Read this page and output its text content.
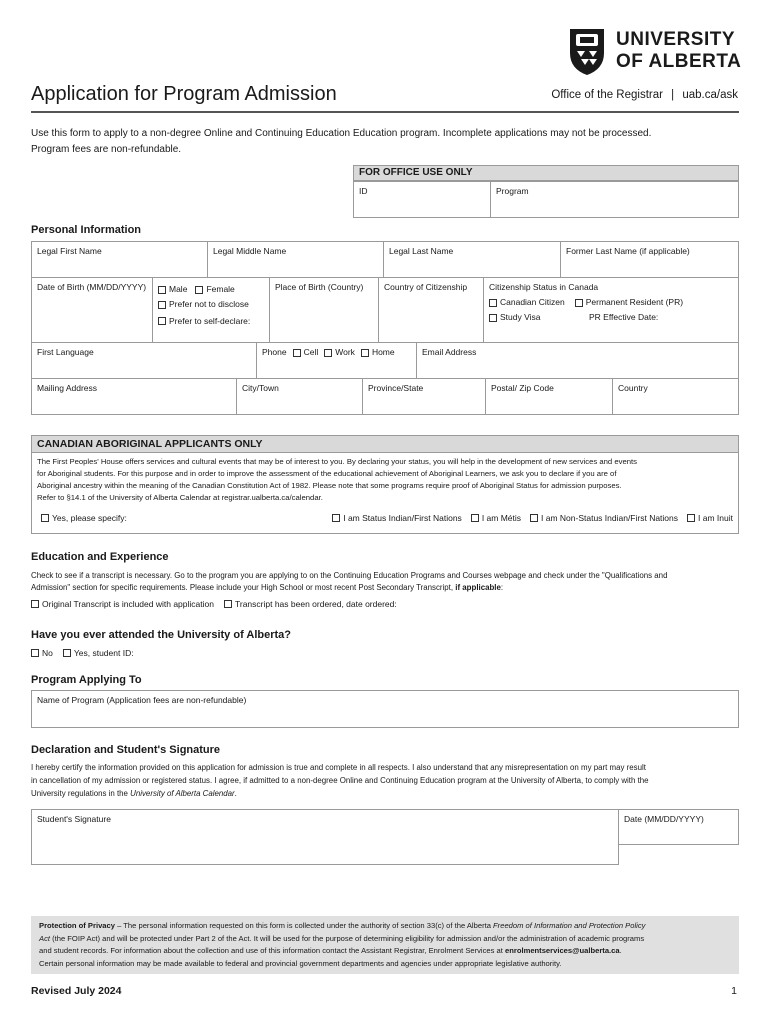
UNIVERSITY
OF ALBERTA
Application for Program Admission	Office of the Registrar | uab.ca/ask
Use this form to apply to a non-degree Online and Continuing Education Education program. Incomplete applications may not be processed.
Program fees are non-refundable.
FOR OFFICE USE ONLY
ID	Program
Personal Information
Legal First Name	Legal Middle Name	Legal Last Name	Former Last Name (if applicable)
Date of Birth (MM/DD/YYYY)	Male Female
Prefer not to disclose
Prefer to self-declare:
Place of Birth (Country)	Country of Citizenship	Citizenship Status in Canada
Canadian Citizen Permanent Resident (PR)
Study Visa	PR Effective Date:
First Language	Phone Cell Work Home	Email Address
Mailing Address	City/Town	Province/State	Postal/ Zip Code	Country
CANADIAN ABORIGINAL APPLICANTS ONLY
The First Peoples' House offers services and cultural events that may be of interest to you. By declaring your status, you will help in the development of new services and events
for Aboriginal students. For this purpose and in order to improve the assessment of the educational achievement of Aboriginal Learners, we ask you to declare if you are of
Aboriginal ancestry within the meaning of the Canadian Constitution Act of 1982. Please note that some programs require proof of Aboriginal Status for admission purposes.
Refer to §14.1 of the University of Alberta Calendar at registrar.ualberta.ca/calendar.
Yes, please specify:	I am Status Indian/First Nations I am Métis I am Non-Status Indian/First Nations I am Inuit
Education and Experience
Check to see if a transcript is necessary. Go to the program you are applying to on the Continuing Education Programs and Courses webpage and check under the "Qualifications and
Admission" section for specific requirements. Please include your High School or most recent Post Secondary Transcript, if applicable:
Original Transcript is included with application Transcript has been ordered, date ordered:
Have you ever attended the University of Alberta?
No Yes, student ID:
Program Applying To
Name of Program (Application fees are non-refundable)
Declaration and Student's Signature
I hereby certify the information provided on this application for admission is true and complete in all respects. I also understand that any misrepresentation on my part may result
in cancellation of my admission or registered status. I agree, if admitted to a non-degree Online and Continuing Education program at the University of Alberta, to comply with the
University regulations in the University of Alberta Calendar.
Student's Signature	Date (MM/DD/YYYY)
Protection of Privacy – The personal information requested on this form is collected under the authority of section 33(c) of the Alberta Freedom of Information and Protection Policy
Act (the FOIP Act) and will be protected under Part 2 of the Act. It will be used for the purpose of determining eligibility for admission and/or the administration of academic programs
and student records. For information about the collection and use of this information contact the Assistant Registrar, Enrolment Services at enrolmentservices@ualberta.ca.
Certain personal information may be made available to federal and provincial government departments and agencies under appropriate legislative authority.
Revised July 2024	1
